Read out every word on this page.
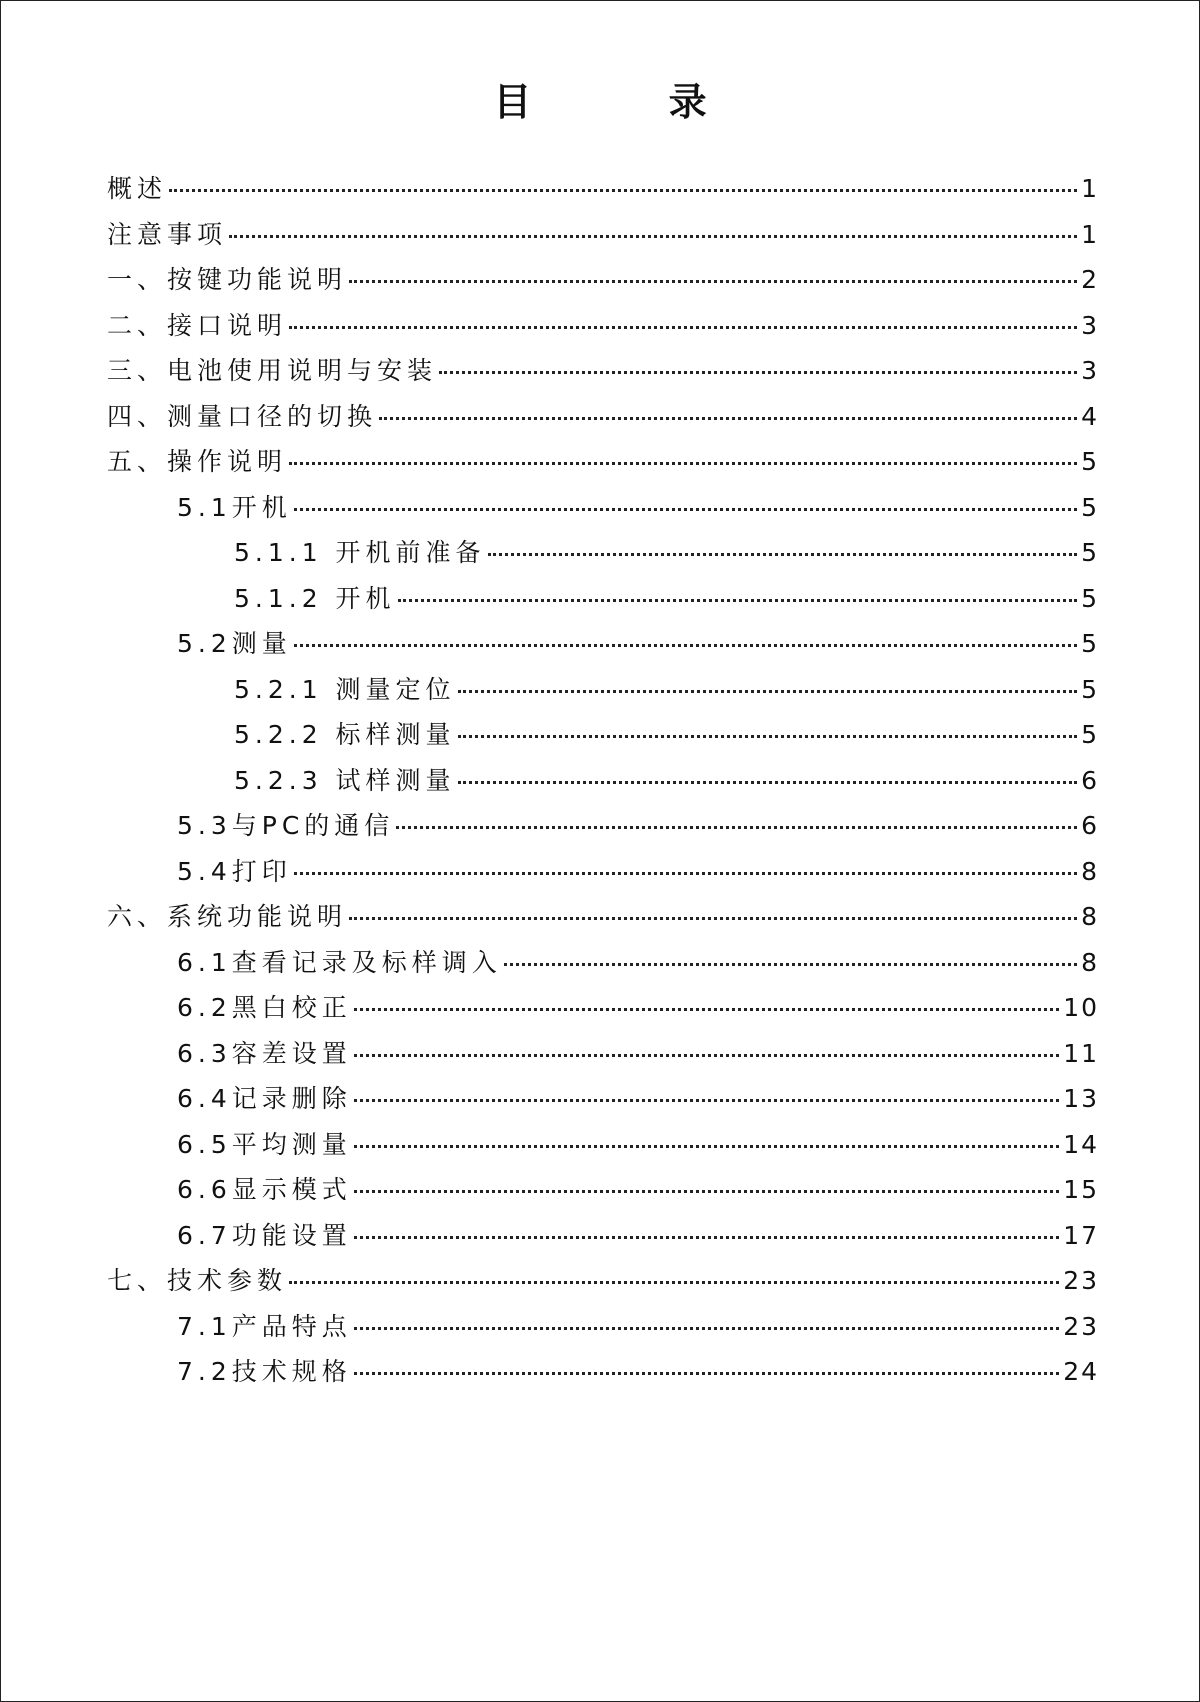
目 录
概述	1
注意事项	1
一、按键功能说明	2
二、接口说明	3
三、电池使用说明与安装	3
四、测量口径的切换	4
五、操作说明	5
5.1开机	5
5.1.1 开机前准备	5
5.1.2 开机	5
5.2测量	5
5.2.1 测量定位	5
5.2.2 标样测量	5
5.2.3 试样测量	6
5.3与PC的通信	6
5.4打印	8
六、系统功能说明	8
6.1查看记录及标样调入	8
6.2黑白校正	10
6.3容差设置	11
6.4记录删除	13
6.5平均测量	14
6.6显示模式	15
6.7功能设置	17
七、技术参数	23
7.1产品特点	23
7.2技术规格	24
